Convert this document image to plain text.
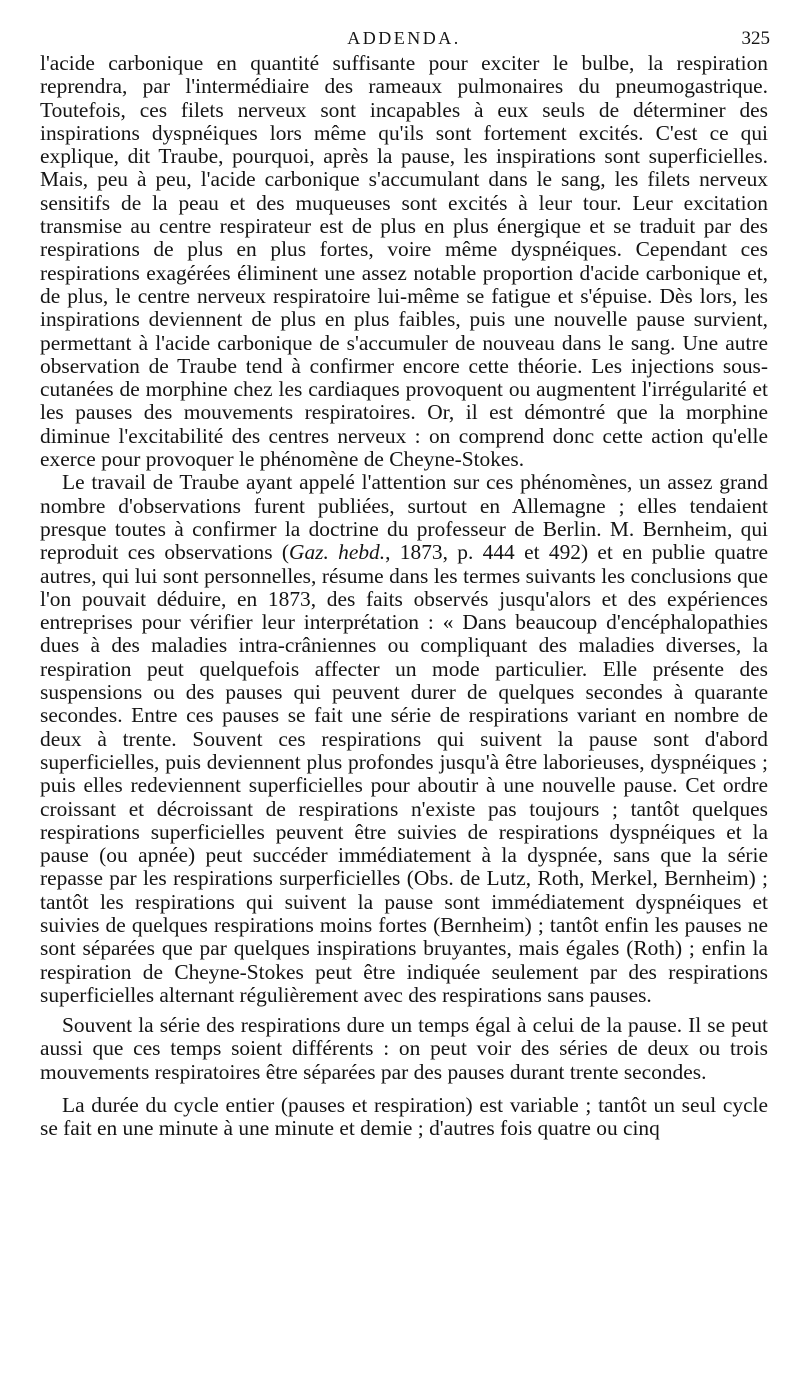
ADDENDA.	325

l'acide carbonique en quantité suffisante pour exciter le bulbe, la respiration reprendra, par l'intermédiaire des rameaux pulmonaires du pneumogastrique. Toutefois, ces filets nerveux sont incapables à eux seuls de déterminer des inspirations dyspnéiques lors même qu'ils sont fortement excités. C'est ce qui explique, dit Traube, pourquoi, après la pause, les inspirations sont superficielles. Mais, peu à peu, l'acide carbonique s'accumulant dans le sang, les filets nerveux sensitifs de la peau et des muqueuses sont excités à leur tour. Leur excitation transmise au centre respirateur est de plus en plus énergique et se traduit par des respirations de plus en plus fortes, voire même dyspnéiques. Cependant ces respirations exagérées éliminent une assez notable proportion d'acide carbonique et, de plus, le centre nerveux respiratoire lui-même se fatigue et s'épuise. Dès lors, les inspirations deviennent de plus en plus faibles, puis une nouvelle pause survient, permettant à l'acide carbonique de s'accumuler de nouveau dans le sang. Une autre observation de Traube tend à confirmer encore cette théorie. Les injections sous-cutanées de morphine chez les cardiaques provoquent ou augmentent l'irrégularité et les pauses des mouvements respiratoires. Or, il est démontré que la morphine diminue l'excitabilité des centres nerveux : on comprend donc cette action qu'elle exerce pour provoquer le phénomène de Cheyne-Stokes.

Le travail de Traube ayant appelé l'attention sur ces phénomènes, un assez grand nombre d'observations furent publiées, surtout en Allemagne ; elles tendaient presque toutes à confirmer la doctrine du professeur de Berlin. M. Bernheim, qui reproduit ces observations (Gaz. hebd., 1873, p. 444 et 492) et en publie quatre autres, qui lui sont personnelles, résume dans les termes suivants les conclusions que l'on pouvait déduire, en 1873, des faits observés jusqu'alors et des expériences entreprises pour vérifier leur interprétation : « Dans beaucoup d'encéphalopathies dues à des maladies intra-crâniennes ou compliquant des maladies diverses, la respiration peut quelquefois affecter un mode particulier. Elle présente des suspensions ou des pauses qui peuvent durer de quelques secondes à quarante secondes. Entre ces pauses se fait une série de respirations variant en nombre de deux à trente. Souvent ces respirations qui suivent la pause sont d'abord superficielles, puis deviennent plus profondes jusqu'à être laborieuses, dyspnéiques ; puis elles redeviennent superficielles pour aboutir à une nouvelle pause. Cet ordre croissant et décroissant de respirations n'existe pas toujours ; tantôt quelques respirations superficielles peuvent être suivies de respirations dyspnéiques et la pause (ou apnée) peut succéder immédiatement à la dyspnée, sans que la série repasse par les respirations surperficielles (Obs. de Lutz, Roth, Merkel, Bernheim) ; tantôt les respirations qui suivent la pause sont immédiatement dyspnéiques et suivies de quelques respirations moins fortes (Bernheim) ; tantôt enfin les pauses ne sont séparées que par quelques inspirations bruyantes, mais égales (Roth) ; enfin la respiration de Cheyne-Stokes peut être indiquée seulement par des respirations superficielles alternant régulièrement avec des respirations sans pauses.

Souvent la série des respirations dure un temps égal à celui de la pause. Il se peut aussi que ces temps soient différents : on peut voir des séries de deux ou trois mouvements respiratoires être séparées par des pauses durant trente secondes.

La durée du cycle entier (pauses et respiration) est variable ; tantôt un seul cycle se fait en une minute à une minute et demie ; d'autres fois quatre ou cinq
